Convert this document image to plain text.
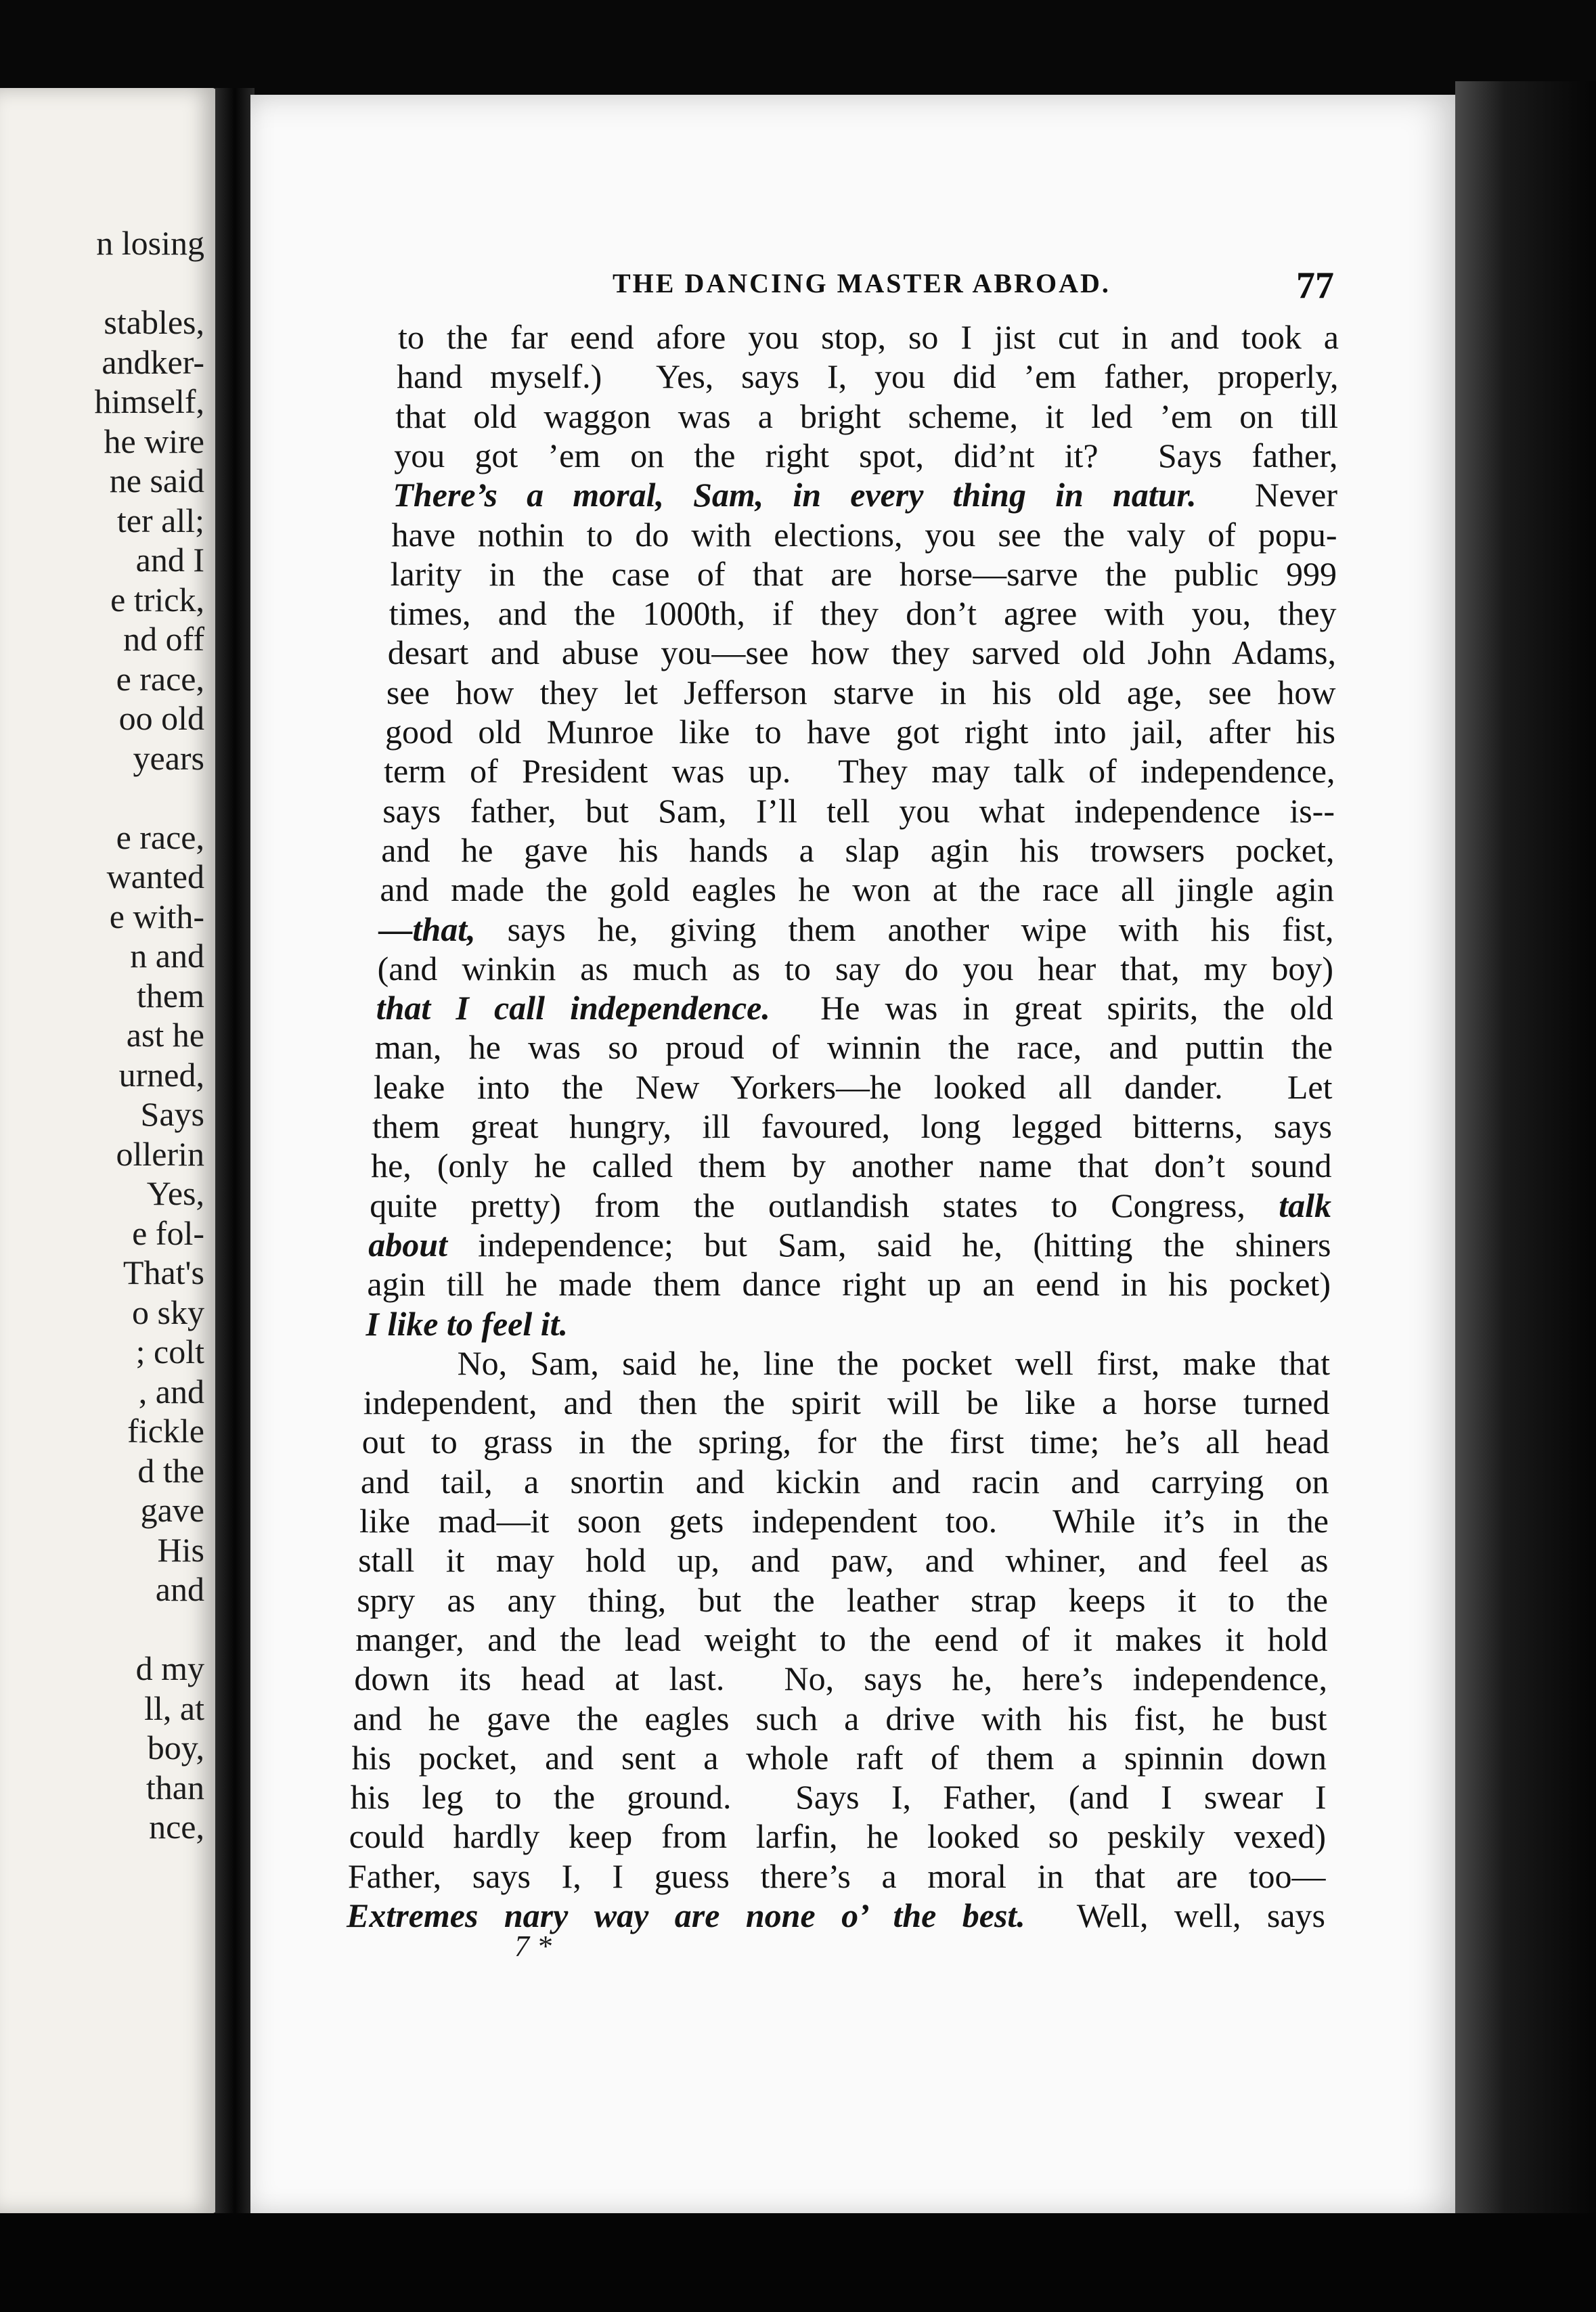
n losing
stables,
andker-
himself,
he wire
ne said
ter all;
and I
e trick,
nd off
e race,
oo old
years
e race,
wanted
e with-
n and
them
ast he
urned,
Says
ollerin
Yes,
e fol-
That's
o sky
; colt
, and
fickle
d the
gave
His
and
d my
ll, at
boy,
than
nce,
THE DANCING MASTER ABROAD.	77
to the far eend afore you stop, so I jist cut in and took a
hand myself.)  Yes, says I, you did ’em father, properly,
that old waggon was a bright scheme, it led ’em on till
you got ’em on the right spot, did’nt it?  Says father,
There’s a moral, Sam, in every thing in natur.  Never
have nothin to do with elections, you see the valy of popu-
larity in the case of that are horse—sarve the public 999
times, and the 1000th, if they don’t agree with you, they
desart and abuse you—see how they sarved old John Adams,
see how they let Jefferson starve in his old age, see how
good old Munroe like to have got right into jail, after his
term of President was up.  They may talk of independence,
says father, but Sam, I’ll tell you what independence is--
and he gave his hands a slap agin his trowsers pocket,
and made the gold eagles he won at the race all jingle agin
—that, says he, giving them another wipe with his fist,
(and winkin as much as to say do you hear that, my boy)
that I call independence.  He was in great spirits, the old
man, he was so proud of winnin the race, and puttin the
leake into the New Yorkers—he looked all dander.  Let
them great hungry, ill favoured, long legged bitterns, says
he, (only he called them by another name that don’t sound
quite pretty) from the outlandish states to Congress, talk
about independence; but Sam, said he, (hitting the shiners
agin till he made them dance right up an eend in his pocket)
I like to feel it.
No, Sam, said he, line the pocket well first, make that
independent, and then the spirit will be like a horse turned
out to grass in the spring, for the first time; he’s all head
and tail, a snortin and kickin and racin and carrying on
like mad—it soon gets independent too.  While it’s in the
stall it may hold up, and paw, and whiner, and feel as
spry as any thing, but the leather strap keeps it to the
manger, and the lead weight to the eend of it makes it hold
down its head at last.  No, says he, here’s independence,
and he gave the eagles such a drive with his fist, he bust
his pocket, and sent a whole raft of them a spinnin down
his leg to the ground.  Says I, Father, (and I swear I
could hardly keep from larfin, he looked so peskily vexed)
Father, says I, I guess there’s a moral in that are too—
Extremes nary way are none o’ the best.  Well, well, says
7 *
